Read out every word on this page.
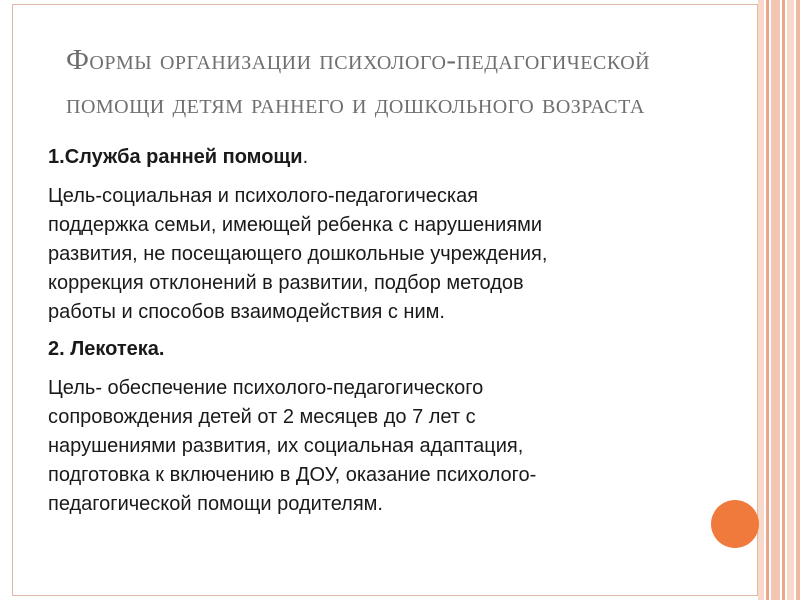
Формы организации психолого-педагогической
помощи детям раннего и дошкольного возраста
1.Служба ранней помощи.
Цель-социальная и психолого-педагогическая
поддержка семьи, имеющей ребенка с нарушениями
развития, не посещающего дошкольные учреждения,
коррекция отклонений в развитии, подбор методов
работы и способов взаимодействия с ним.
2. Лекотека.
Цель- обеспечение психолого-педагогического
сопровождения детей от 2 месяцев до 7 лет с
нарушениями развития, их социальная адаптация,
подготовка к включению в ДОУ, оказание психолого-
педагогической помощи родителям.
